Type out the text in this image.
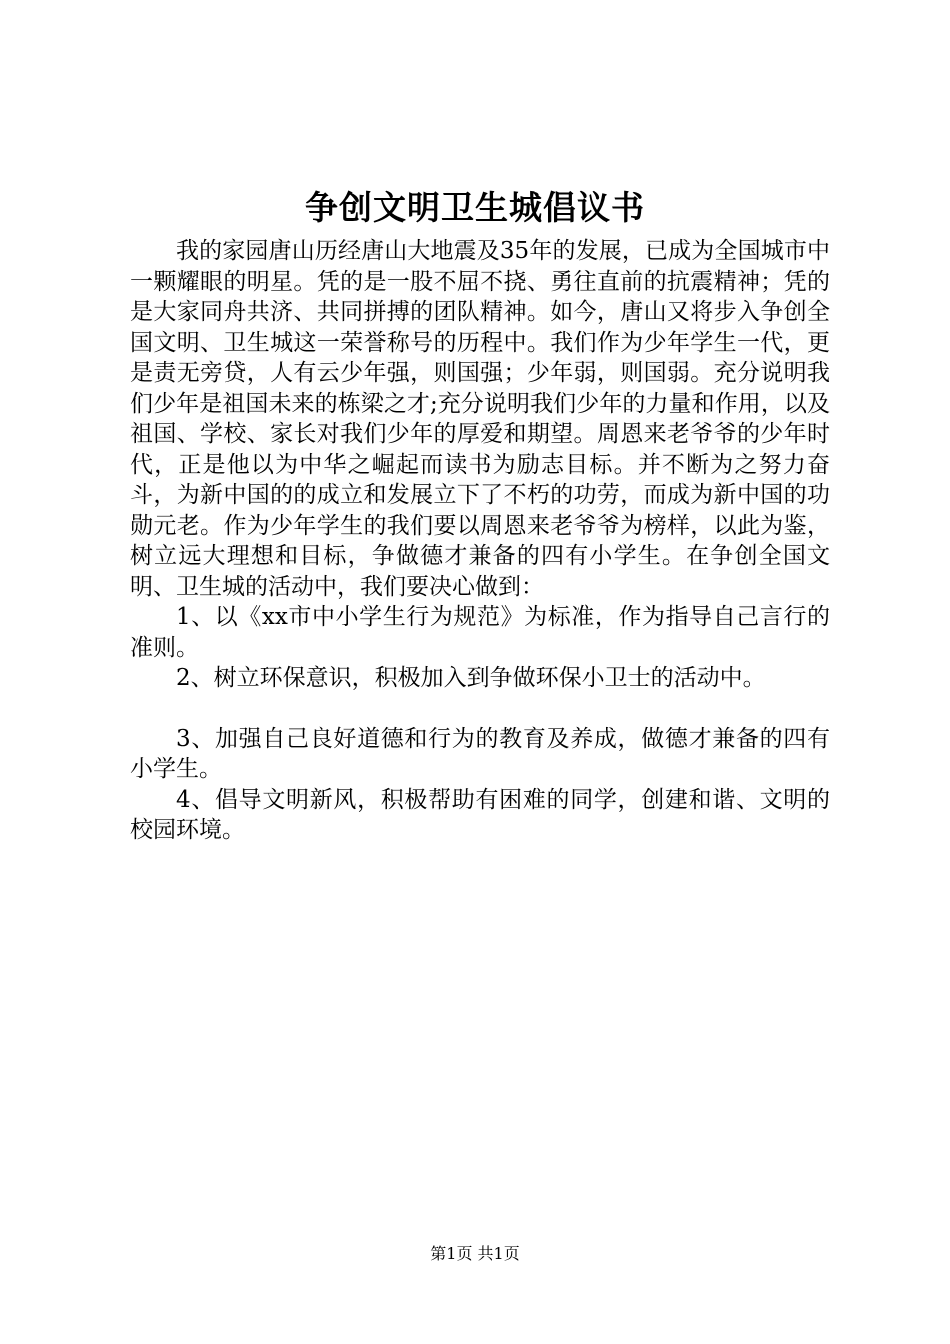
争创文明卫生城倡议书

我的家园唐山历经唐山大地震及35年的发展，已成为全国城市中一颗耀眼的明星。凭的是一股不屈不挠、勇往直前的抗震精神；凭的是大家同舟共济、共同拼搏的团队精神。如今，唐山又将步入争创全国文明、卫生城这一荣誉称号的历程中。我们作为少年学生一代，更是责无旁贷，人有云少年强，则国强；少年弱，则国弱。充分说明我们少年是祖国未来的栋梁之才;充分说明我们少年的力量和作用，以及祖国、学校、家长对我们少年的厚爱和期望。周恩来老爷爷的少年时代，正是他以为中华之崛起而读书为励志目标。并不断为之努力奋斗，为新中国的的成立和发展立下了不朽的功劳，而成为新中国的功勋元老。作为少年学生的我们要以周恩来老爷爷为榜样，以此为鉴，树立远大理想和目标，争做德才兼备的四有小学生。在争创全国文明、卫生城的活动中，我们要决心做到：

1、以《xx市中小学生行为规范》为标准，作为指导自己言行的准则。

2、树立环保意识，积极加入到争做环保小卫士的活动中。

3、加强自己良好道德和行为的教育及养成，做德才兼备的四有小学生。

4、倡导文明新风，积极帮助有困难的同学，创建和谐、文明的校园环境。

第1页 共1页
